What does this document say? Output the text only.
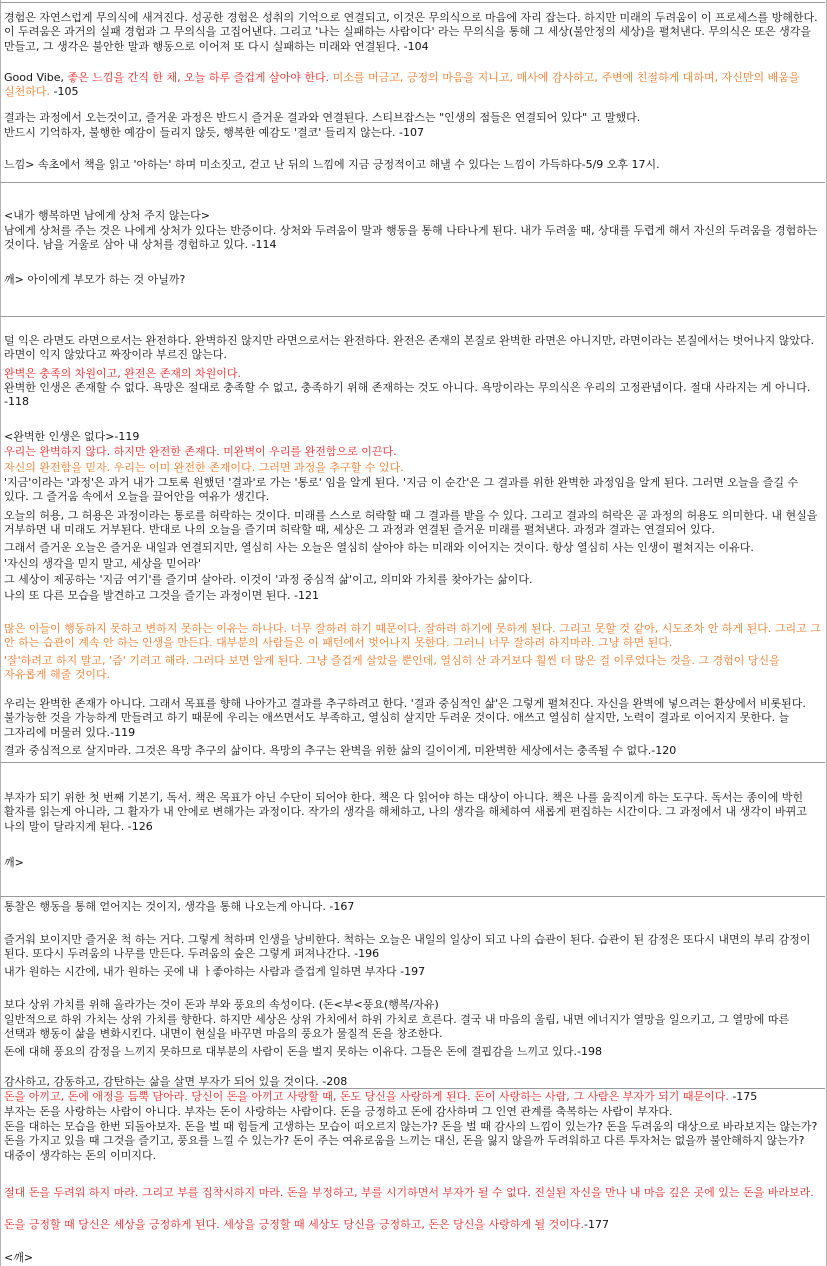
경험은 자연스럽게 무의식에 새겨진다. 성공한 경험은 성취의 기억으로 연결되고, 이것은 무의식으로 마음에 자리 잡는다. 하지만 미래의 두려움이 이 프로세스를 방해한다. 이 두려움은 과거의 실패 경험과 그 무의식을 고집어낸다. 그리고 '나는 실패하는 사람이다' 라는 무의식을 통해 그 세상(불안정의 세상)을 펼쳐낸다. 무의식은 또은 생각을 만들고, 그 생각은 불안한 말과 행동으로 이어져 또 다시 실패하는 미래와 연결된다. -104

Good Vibe, 좋은 느낌을 간직 한 채, 오늘 하루 즐겁게 살아야 한다. 미소를 머금고, 긍정의 마음을 지니고, 매사에 감사하고, 주변에 친절하게 대하며, 자신만의 배움을 실천하다. -105

결과는 과정에서 오는것이고, 즐거운 과정은 반드시 즐거운 결과와 연결된다. 스티브잡스는 "인생의 점들은 연결되어 있다" 고 말했다.

반드시 기억하자, 불행한 예감이 들리지 않듯, 행복한 예감도 '결코' 들리지 않는다. -107

느낌> 속초에서 책을 읽고 '아하는' 하며 미소짓고, 걷고 난 뒤의 느낌에 지금 긍정적이고 해낼 수 있다는 느낌이 가득하다-5/9 오후 17시.

<내가 행복하면 남에게 상처 주지 않는다>

남에게 상처를 주는 것은 나에게 상처가 있다는 반증이다. 상처와 두려움이 말과 행동을 통해 나타나게 된다. 내가 두려울 때, 상대를 두렵게 해서 자신의 두려움을 경험하는 것이다. 남을 거울로 삼아 내 상처를 경험하고 있다. -114

깨> 아이에게 부모가 하는 것 아닐까?

덜 익은 라면도 라면으로서는 완전하다. 완벽하진 않지만 라면으로서는 완전하다. 완전은 존재의 본질로 완벽한 라면은 아니지만, 라면이라는 본질에서는 벗어나지 않았다. 라면이 익지 않았다고 짜장이라 부르진 않는다.

완벽은 충족의 차원이고, 완전은 존재의 차원이다.

완벽한 인생은 존재할 수 없다. 욕망은 절대로 충족할 수 없고, 충족하기 위해 존재하는 것도 아니다. 욕망이라는 무의식은 우리의 고정관념이다. 절대 사라지는 게 아니다. -118

<완벽한 인생은 없다>-119

우리는 완벽하지 않다. 하지만 완전한 존재다. 미완벽이 우리를 완전함으로 이끈다.

자신의 완전함을 믿자. 우리는 이미 완전한 존재이다. 그러면 과정을 추구할 수 있다.

'지금'이라는 '과정'은 과거 내가 그토록 원했던 '결과'로 가는 '통로' 임을 알게 된다. '지금 이 순간'은 그 결과를 위한 완벽한 과정임을 알게 된다. 그러면 오늘을 즐길 수 있다. 그 즐거움 속에서 오늘을 끌어안을 여유가 생긴다.

오늘의 허용, 그 허용은 과정이라는 통로를 허락하는 것이다. 미래를 스스로 허락할 때 그 결과를 받을 수 있다. 그리고 결과의 허락은 곧 과정의 허용도 의미한다. 내 현실을 거부하면 내 미래도 거부된다. 반대로 나의 오늘을 즐기며 허락할 때, 세상은 그 과정과 연결된 즐거운 미래를 펼쳐낸다. 과정과 결과는 연결되어 있다.

그래서 즐거운 오늘은 즐거운 내일과 연결되지만, 열심히 사는 오늘은 열심히 살아야 하는 미래와 이어지는 것이다. 항상 열심히 사는 인생이 펼쳐지는 이유다.

'자신의 생각을 믿지 말고, 세상을 믿어라'

그 세상이 제공하는 '지금 여기'를 즐기며 살아라. 이것이 '과정 중심적 삶'이고, 의미와 가치를 찾아가는 삶이다.

나의 또 다른 모습을 발견하고 그것을 즐기는 과정이면 된다. -121

많은 이들이 행동하지 못하고 변하지 못하는 이유는 하나다. 너무 잘하려 하기 때문이다. 잘하려 하기에 못하게 된다. 그리고 못할 것 같아, 시도조차 안 하게 된다. 그리고 그 안 하는 습관이 계속 안 하는 인생을 만든다. 대부분의 사람들은 이 패턴에서 벗어나지 못한다. 그러니 너무 잘하려 하지마라. 그냥 하면 된다.

'잘'하려고 하지 말고, '즘' 기려고 해라. 그러다 보면 알게 된다. 그냥 즐겁게 살았을 뿐인데, 열심히 산 과거보다 훨씬 더 많은 걸 이루었다는 것을. 그 경험이 당신을 자유롭게 해줄 것이다.

우리는 완벽한 존재가 아니다. 그래서 목표를 향해 나아가고 결과를 추구하려고 한다. '결과 중심적인 삶'은 그렇게 펼쳐진다. 자신을 완벽에 넣으려는 환상에서 비롯된다. 불가능한 것을 가능하게 만들려고 하기 때문에 우리는 애쓰면서도 부족하고, 열심히 살지만 두려운 것이다. 애쓰고 열심히 살지만, 노력이 결과로 이어지지 못한다. 늘 그자리에 머물러 있다.-119

결과 중심적으로 살지마라. 그것은 욕망 추구의 삶이다. 욕망의 추구는 완벽을 위한 삶의 길이이게, 미완벽한 세상에서는 충족될 수 없다.-120

부자가 되기 위한 첫 번째 기본기, 독서. 책은 목표가 아닌 수단이 되어야 한다. 책은 다 읽어야 하는 대상이 아니다. 책은 나를 움직이게 하는 도구다. 독서는 종이에 박힌 활자를 읽는게 아니라, 그 활자가 내 안에로 변해가는 과정이다. 작가의 생각을 해체하고, 나의 생각을 해체하여 새롭게 편집하는 시간이다. 그 과정에서 내 생각이 바뀌고 나의 말이 달라지게 된다. -126

깨>

통찰은 행동을 통해 얻어지는 것이지, 생각을 통해 나오는게 아니다. -167

즐거워 보이지만 즐거운 척 하는 거다. 그렇게 척하며 인생을 낭비한다. 척하는 오늘은 내일의 일상이 되고 나의 습관이 된다. 습관이 된 감정은 또다시 내면의 부리 감정이 된다. 또다시 두려움의 나무를 만든다. 두려움의 숲은 그렇게 퍼져나간다. -196

내가 원하는 시간에, 내가 원하는 곳에 내 ㅏ좋아하는 사람과 즐겁게 일하면 부자다 -197

보다 상위 가치를 위해 올라가는 것이 돈과 부와 풍요의 속성이다. (돈<부<풍요(행복/자유)

일반적으로 하위 가치는 상위 가치를 향한다. 하지만 세상은 상위 가치에서 하위 가치로 흐른다. 결국 내 마음의 울림, 내면 에너지가 열망을 일으키고, 그 열망에 따른 선택과 행동이 삶을 변화시킨다. 내면이 현실을 바꾸면 마음의 풍요가 물질적 돈을 창조한다.

돈에 대해 풍요의 감정을 느끼지 못하므로 대부분의 사람이 돈을 벌지 못하는 이유다. 그들은 돈에 결핍감을 느끼고 있다.-198

감사하고, 감동하고, 감탄하는 삶을 살면 부자가 되어 있을 것이다. -208

돈을 아끼고, 돈에 애정을 듬뿍 담아라. 당신이 돈을 아끼고 사랑할 때, 돈도 당신을 사랑하게 된다. 돈이 사랑하는 사람, 그 사람은 부자가 되기 때문이다. -175

부자는 돈을 사랑하는 사람이 아니다. 부자는 돈이 사랑하는 사람이다. 돈을 긍정하고 돈에 감사하며 그 인연 관계를 축복하는 사람이 부자다.

돈을 대하는 모습을 한번 되돌아보자. 돈을 벌 때 힘들게 고생하는 모습이 떠오르지 않는가? 돈을 벌 때 감사의 느낌이 있는가? 돈을 두려움의 대상으로 바라보지는 않는가? 돈을 가지고 있을 때 그것을 즐기고, 풍요를 느낄 수 있는가? 돈이 주는 여유로움을 느끼는 대신, 돈을 잃지 않을까 두려워하고 다른 투자처는 없을까 불안해하지 않는가? 대중이 생각하는 돈의 이미지다.

절대 돈을 두려워 하지 마라. 그리고 부를 집착시하지 마라. 돈을 부정하고, 부를 시기하면서 부자가 될 수 없다. 진실된 자신을 만나 내 마음 깊은 곳에 있는 돈을 바라보라.

돈을 긍정할 때 당신은 세상을 긍정하게 된다. 세상을 긍정할 때 세상도 당신을 긍정하고, 돈은 당신을 사랑하게 될 것이다.-177

<깨>
